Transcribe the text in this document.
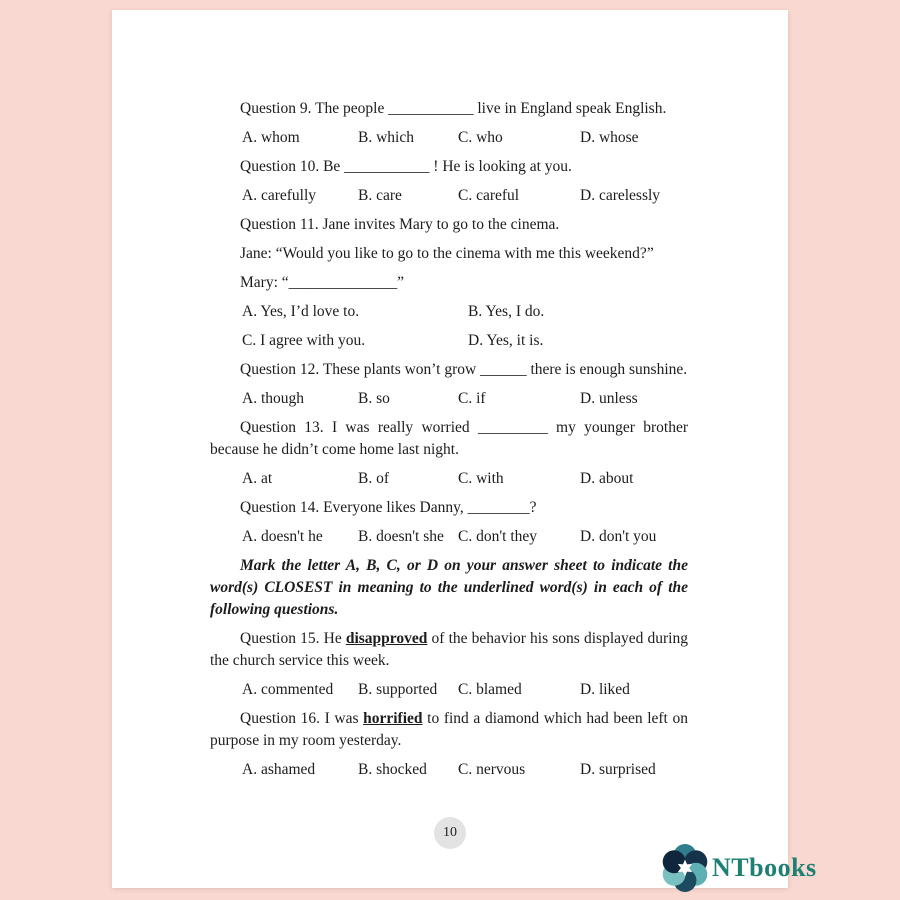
Question 9. The people ___________ live in England speak English.
A. whom	B. which	C. who	D. whose
Question 10. Be ___________ ! He is looking at you.
A. carefully	B. care	C. careful	D. carelessly
Question 11. Jane invites Mary to go to the cinema.
Jane: “Would you like to go to the cinema with me this weekend?”
Mary: “______________”
A. Yes, I’d love to.	B. Yes, I do.
C. I agree with you.	D. Yes, it is.
Question 12. These plants won’t grow ______ there is enough sunshine.
A. though	B. so	C. if	D. unless
Question 13. I was really worried _________ my younger brother because he didn’t come home last night.
A. at	B. of	C. with	D. about
Question 14. Everyone likes Danny, ________?
A. doesn't he	B. doesn't she C. don't they	D. don't you
Mark the letter A, B, C, or D on your answer sheet to indicate the word(s) CLOSEST in meaning to the underlined word(s) in each of the following questions.
Question 15. He disapproved of the behavior his sons displayed during the church service this week.
A. commented	B. supported	C. blamed	D. liked
Question 16. I was horrified to find a diamond which had been left on purpose in my room yesterday.
A. ashamed	B. shocked	C. nervous	D. surprised
10
NTbooks
